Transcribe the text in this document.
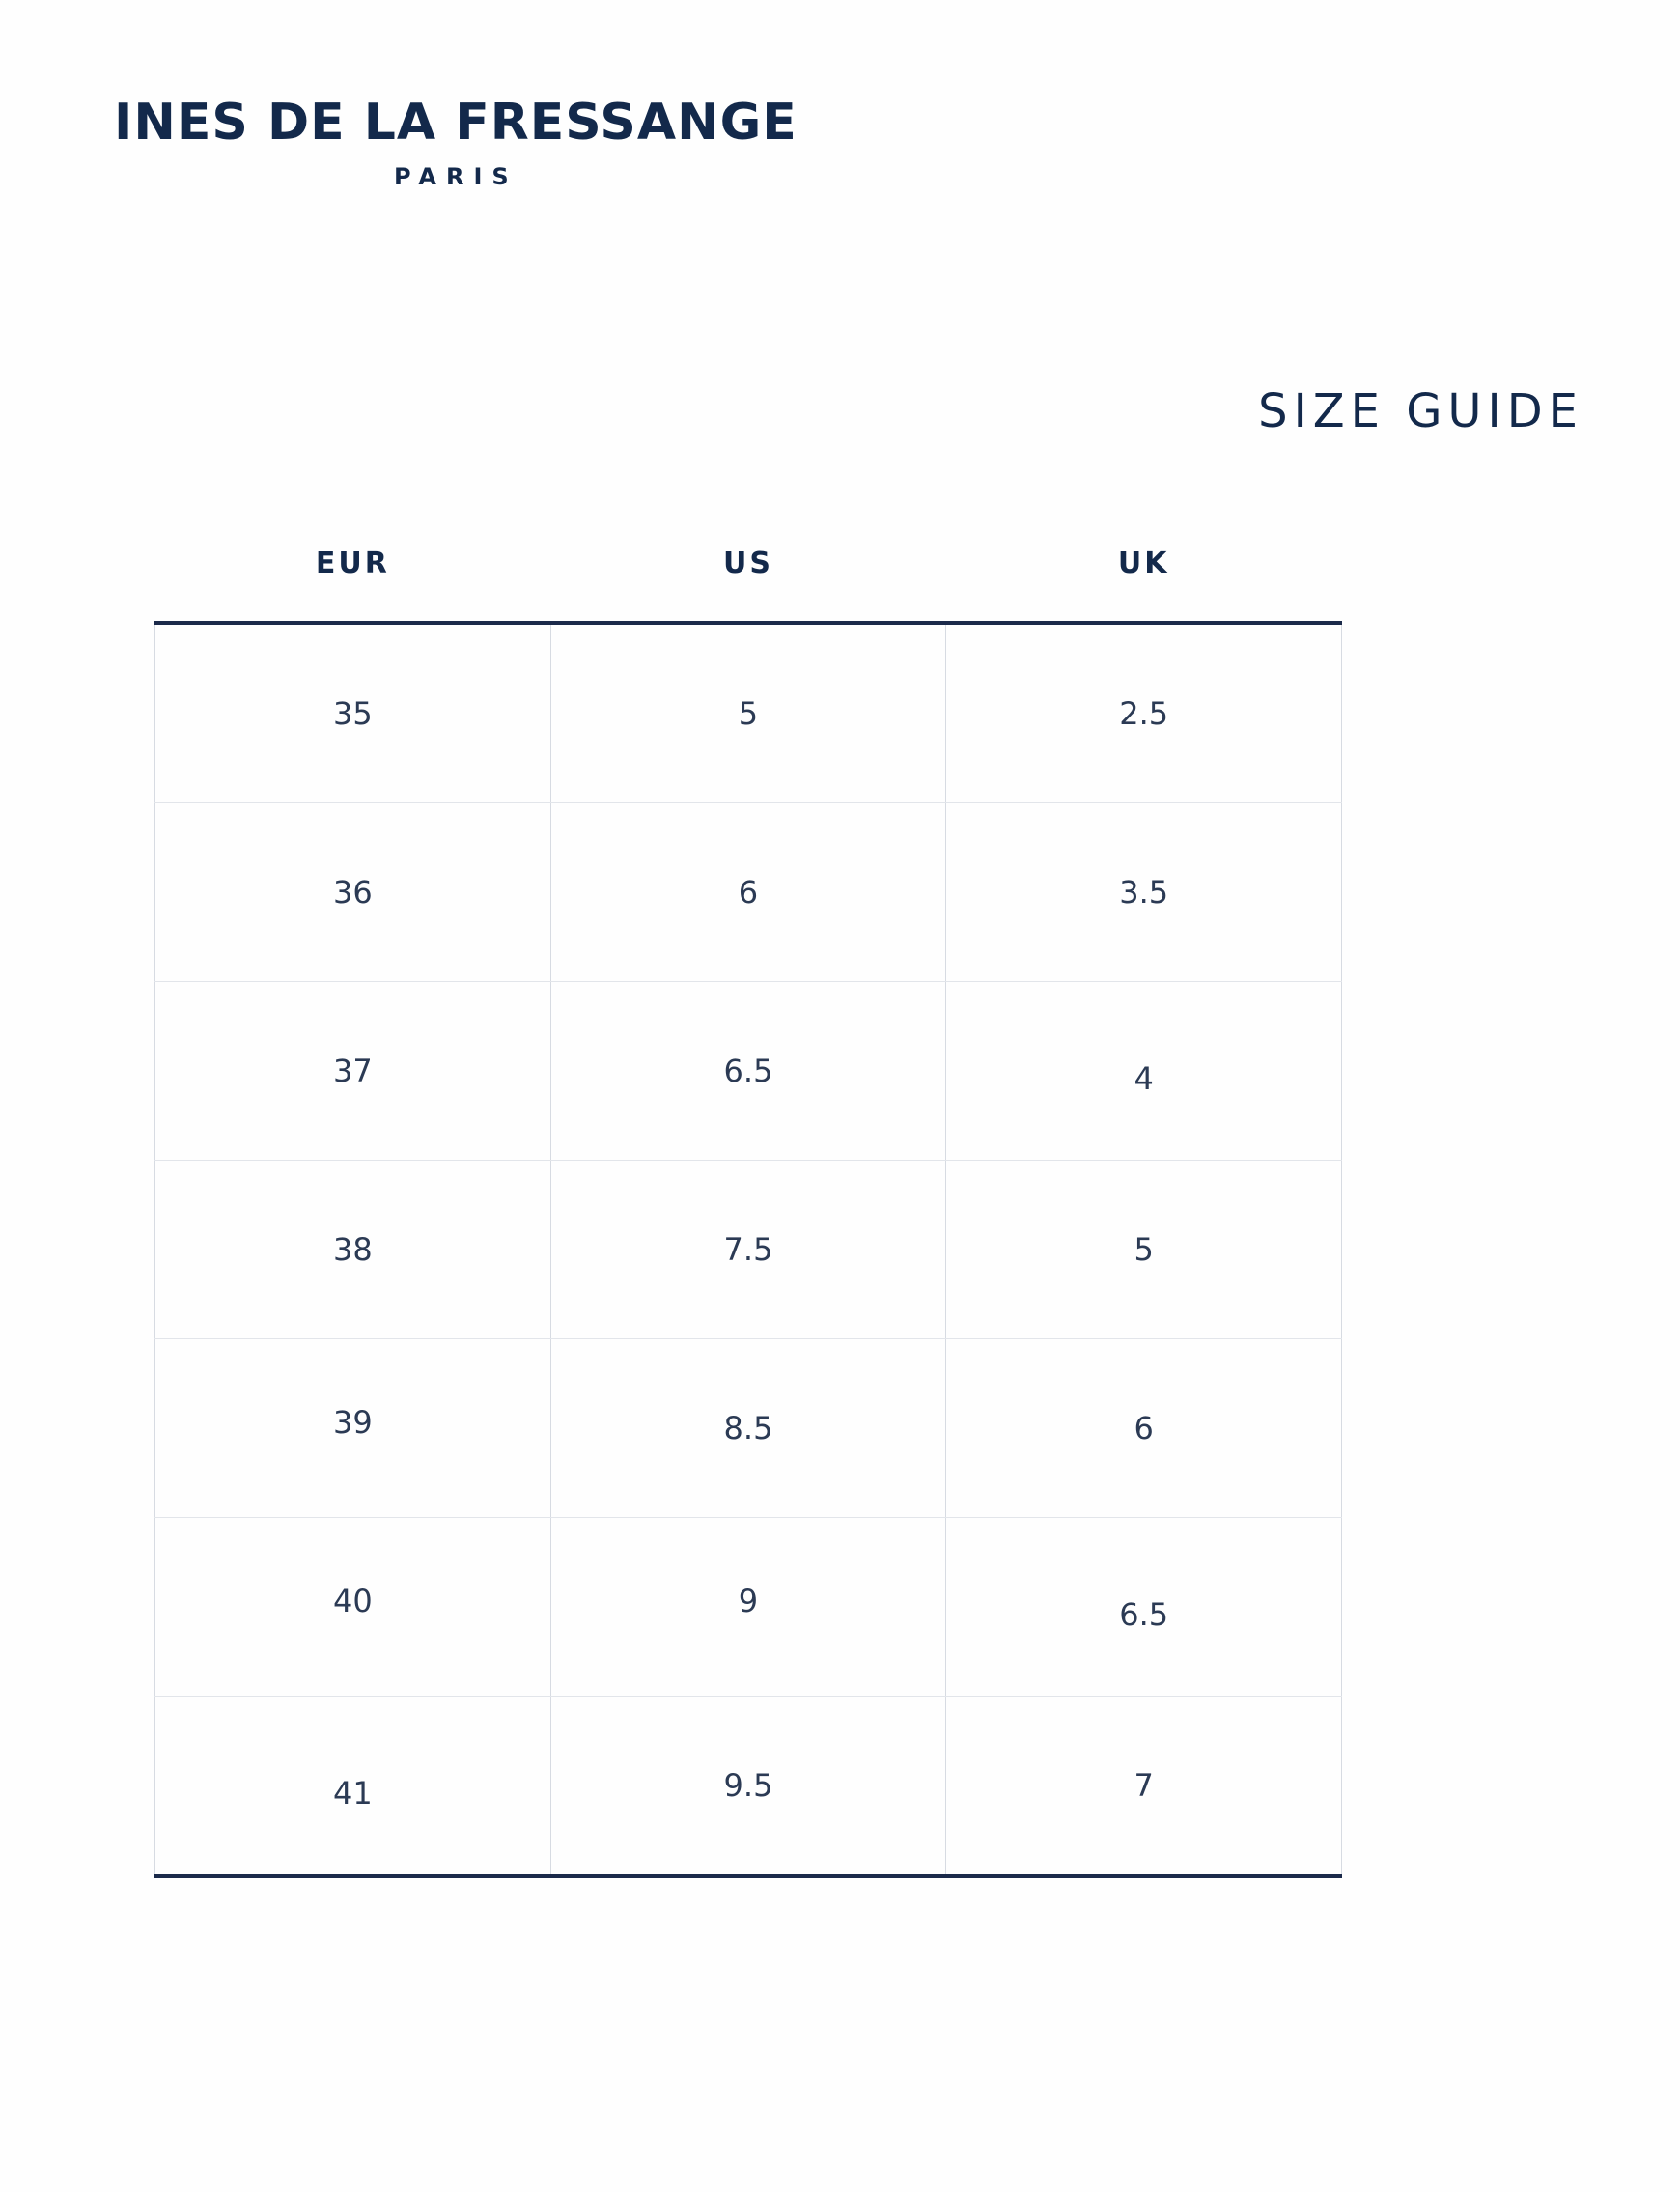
INES DE LA FRESSANGE
PARIS
SIZE GUIDE
EUR	US	UK
35	5	2.5
36	6	3.5
37	6.5	4
38	7.5	5
39	8.5	6
40	9	6.5
41	9.5	7
